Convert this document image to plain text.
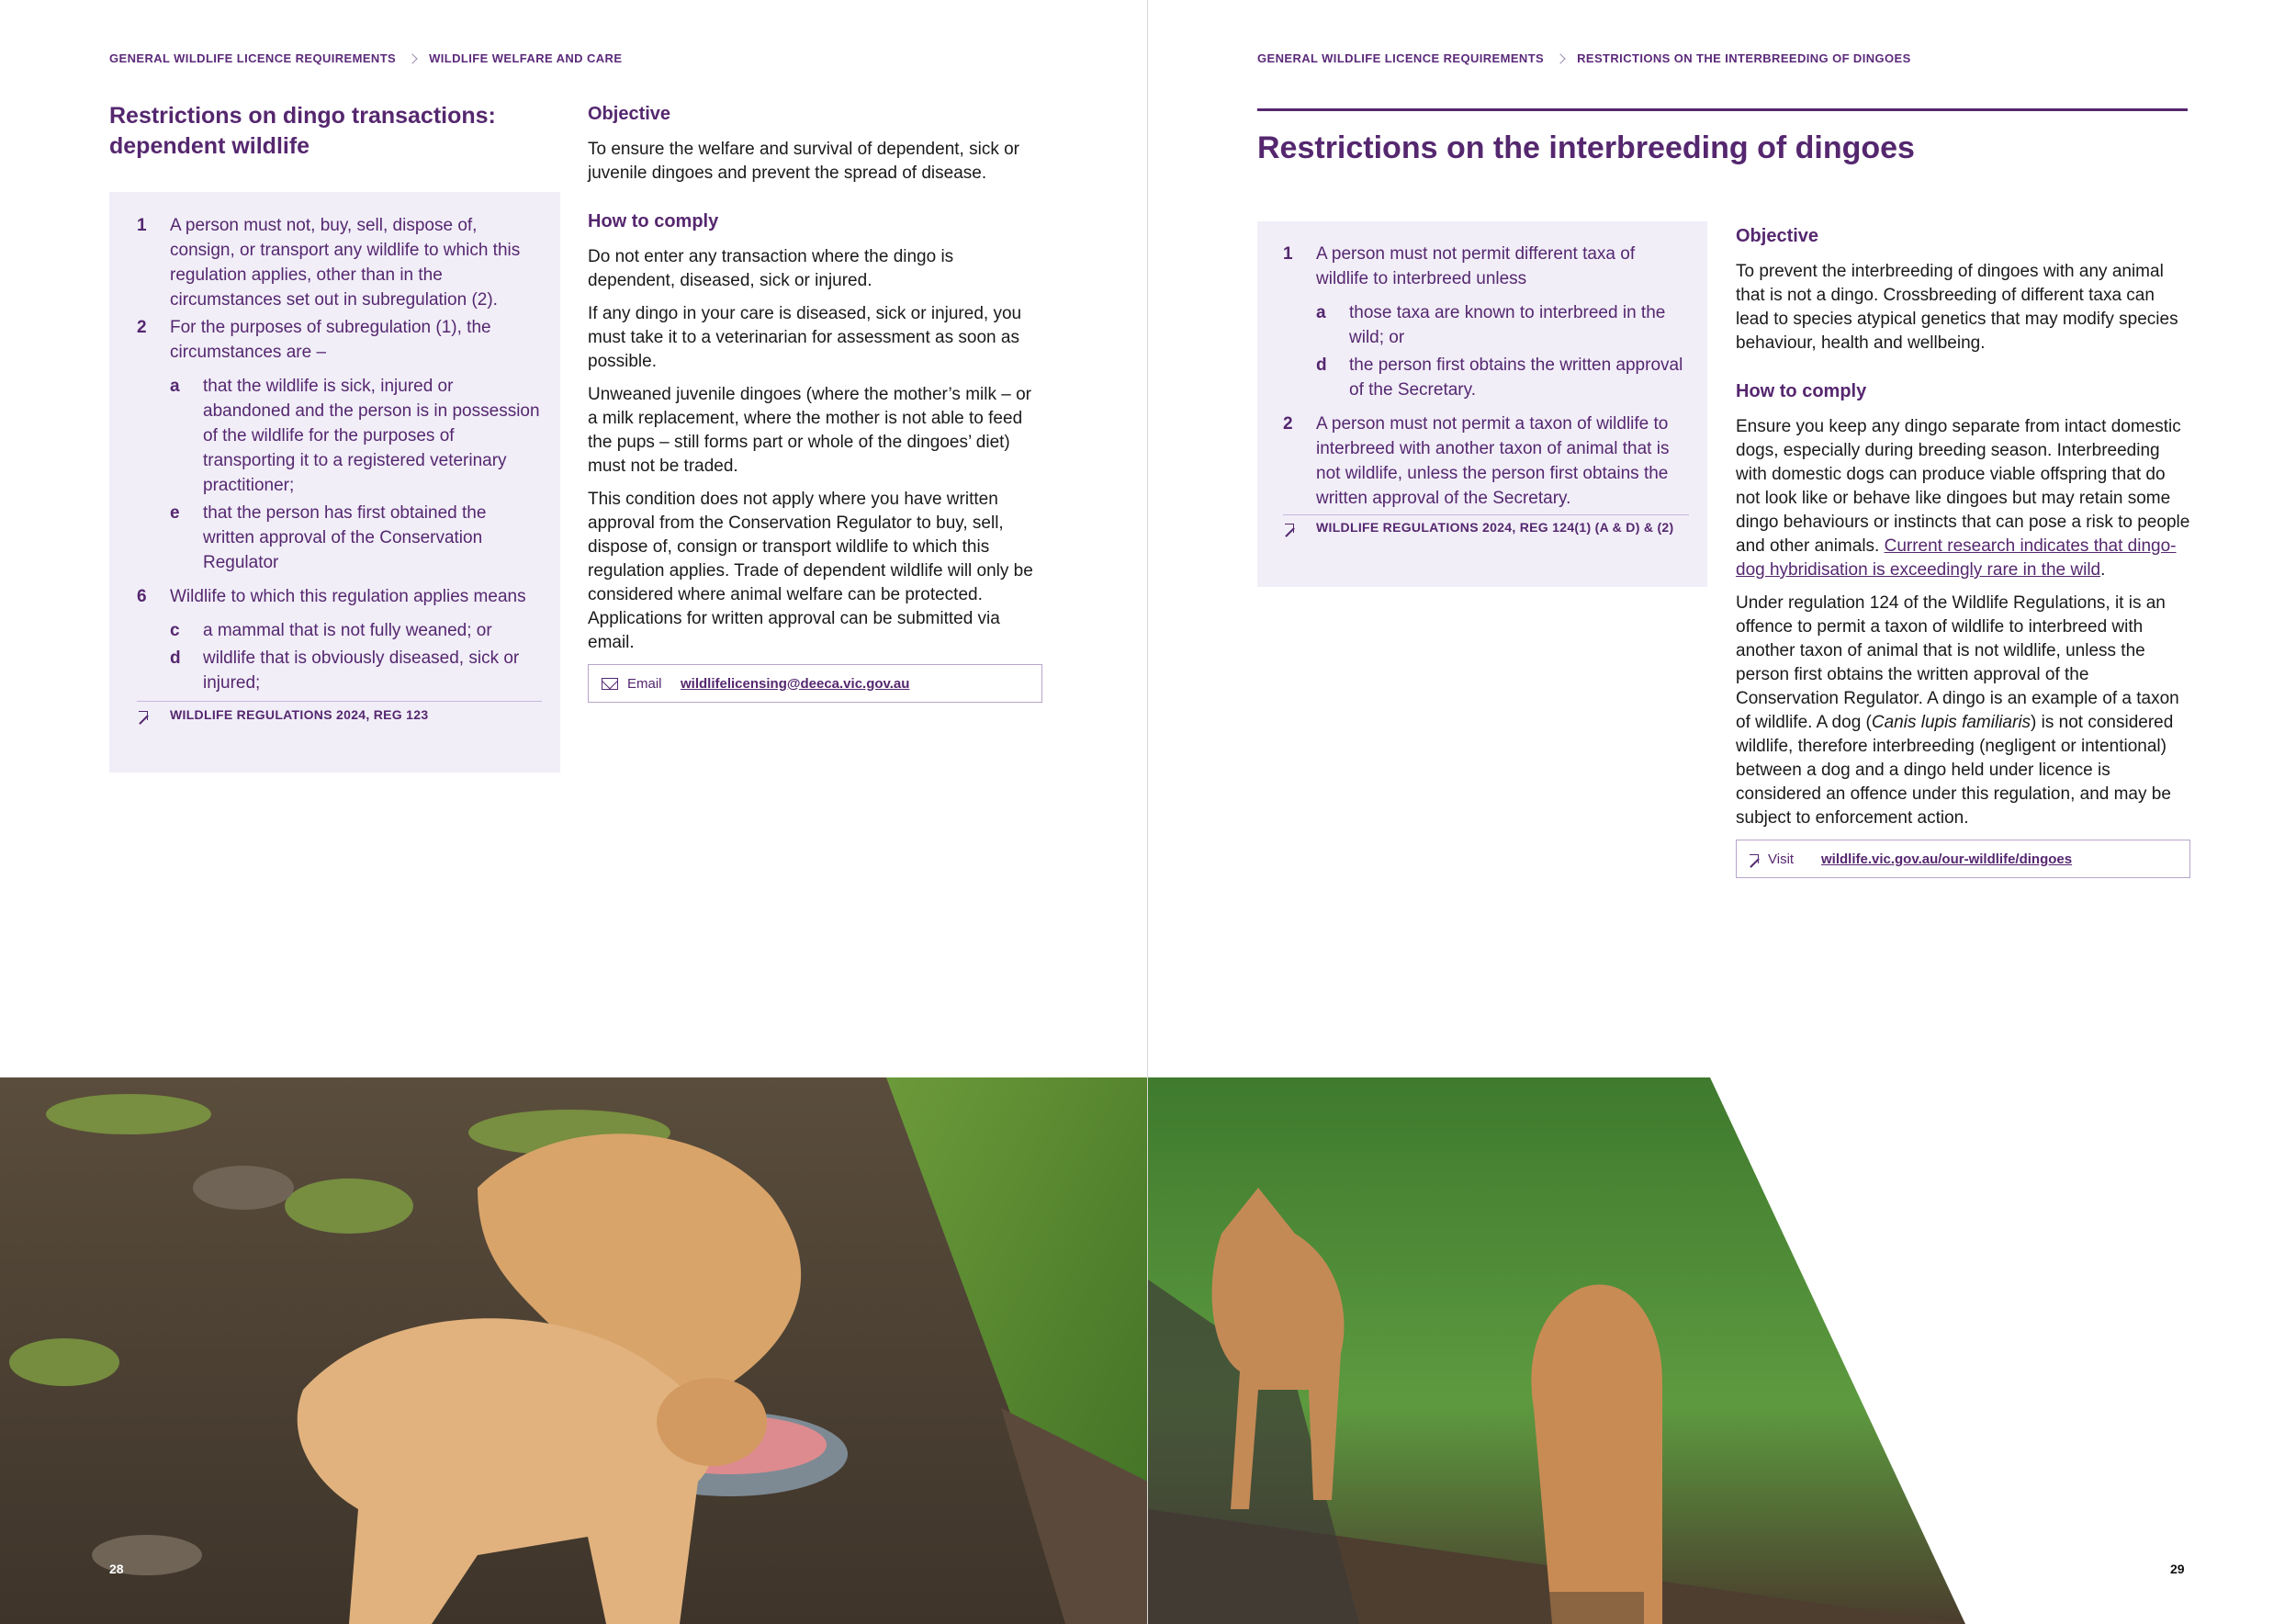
GENERAL WILDLIFE LICENCE REQUIREMENTS	WILDLIFE WELFARE AND CARE
Restrictions on dingo transactions: dependent wildlife
1	A person must not, buy, sell, dispose of, consign, or transport any wildlife to which this regulation applies, other than in the circumstances set out in subregulation (2).
2	For the purposes of subregulation (1), the circumstances are –
a	that the wildlife is sick, injured or abandoned and the person is in possession of the wildlife for the purposes of transporting it to a registered veterinary practitioner;
e	that the person has first obtained the written approval of the Conservation Regulator
6	Wildlife to which this regulation applies means
c	a mammal that is not fully weaned; or
d	wildlife that is obviously diseased, sick or injured;
WILDLIFE REGULATIONS 2024, REG 123
Objective

To ensure the welfare and survival of dependent, sick or juvenile dingoes and prevent the spread of disease.

How to comply

Do not enter any transaction where the dingo is dependent, diseased, sick or injured.

If any dingo in your care is diseased, sick or injured, you must take it to a veterinarian for assessment as soon as possible.

Unweaned juvenile dingoes (where the mother’s milk – or a milk replacement, where the mother is not able to feed the pups – still forms part or whole of the dingoes’ diet) must not be traded.

This condition does not apply where you have written approval from the Conservation Regulator to buy, sell, dispose of, consign or transport wildlife to which this regulation applies. Trade of dependent wildlife will only be considered where animal welfare can be protected. Applications for written approval can be submitted via email.

Email	wildlifelicensing@deeca.vic.gov.au
28
GENERAL WILDLIFE LICENCE REQUIREMENTS	RESTRICTIONS ON THE INTERBREEDING OF DINGOES
Restrictions on the interbreeding of dingoes
1	A person must not permit different taxa of wildlife to interbreed unless
a	those taxa are known to interbreed in the wild; or
d	the person first obtains the written approval of the Secretary.
2	A person must not permit a taxon of wildlife to interbreed with another taxon of animal that is not wildlife, unless the person first obtains the written approval of the Secretary.
WILDLIFE REGULATIONS 2024, REG 124(1) (A & D) & (2)
Objective

To prevent the interbreeding of dingoes with any animal that is not a dingo. Crossbreeding of different taxa can lead to species atypical genetics that may modify species behaviour, health and wellbeing.

How to comply

Ensure you keep any dingo separate from intact domestic dogs, especially during breeding season. Interbreeding with domestic dogs can produce viable offspring that do not look like or behave like dingoes but may retain some dingo behaviours or instincts that can pose a risk to people and other animals. Current research indicates that dingo-dog hybridisation is exceedingly rare in the wild.

Under regulation 124 of the Wildlife Regulations, it is an offence to permit a taxon of wildlife to interbreed with another taxon of animal that is not wildlife, unless the person first obtains the written approval of the Conservation Regulator. A dingo is an example of a taxon of wildlife. A dog (Canis lupis familiaris) is not considered wildlife, therefore interbreeding (negligent or intentional) between a dog and a dingo held under licence is considered an offence under this regulation, and may be subject to enforcement action.

Visit	wildlife.vic.gov.au/our-wildlife/dingoes
29
